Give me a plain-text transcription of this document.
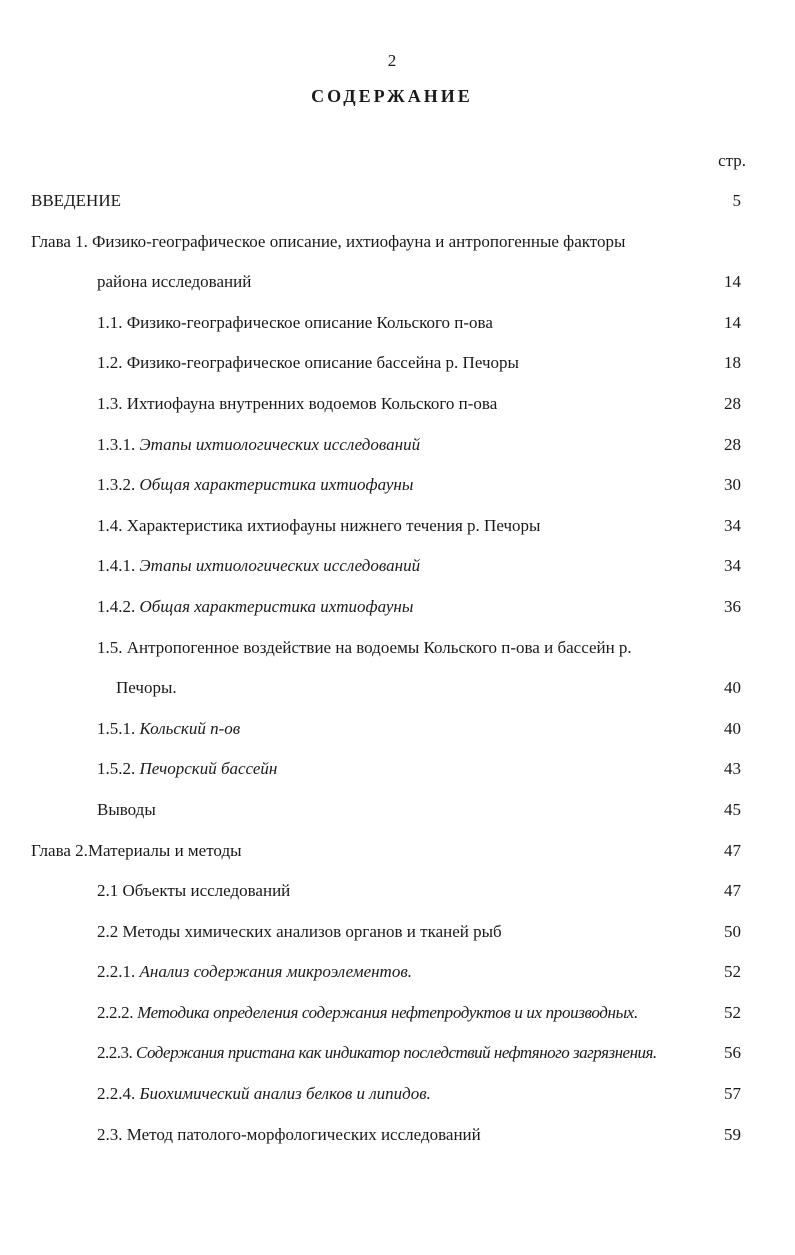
2
СОДЕРЖАНИЕ
стр.
ВВЕДЕНИЕ	5
Глава 1. Физико-географическое описание, ихтиофауна и антропогенные факторы
района исследований	14
1.1. Физико-географическое описание Кольского п-ова	14
1.2. Физико-географическое описание бассейна р. Печоры	18
1.3. Ихтиофауна внутренних водоемов Кольского п-ова	28
1.3.1. Этапы ихтиологических исследований	28
1.3.2. Общая характеристика ихтиофауны	30
1.4. Характеристика ихтиофауны нижнего течения р. Печоры	34
1.4.1. Этапы ихтиологических исследований	34
1.4.2. Общая характеристика ихтиофауны	36
1.5. Антропогенное воздействие на водоемы Кольского п-ова и бассейн р.
Печоры.	40
1.5.1. Кольский п-ов	40
1.5.2. Печорский бассейн	43
Выводы	45
Глава 2.Материалы и методы	47
2.1 Объекты исследований	47
2.2 Методы химических анализов органов и тканей рыб	50
2.2.1. Анализ содержания микроэлементов.	52
2.2.2. Методика определения содержания нефтепродуктов и их производных.	52
2.2.3. Содержания пристана как индикатор последствий нефтяного загрязнения.	56
2.2.4. Биохимический анализ белков и липидов.	57
2.3. Метод патолого-морфологических исследований	59
